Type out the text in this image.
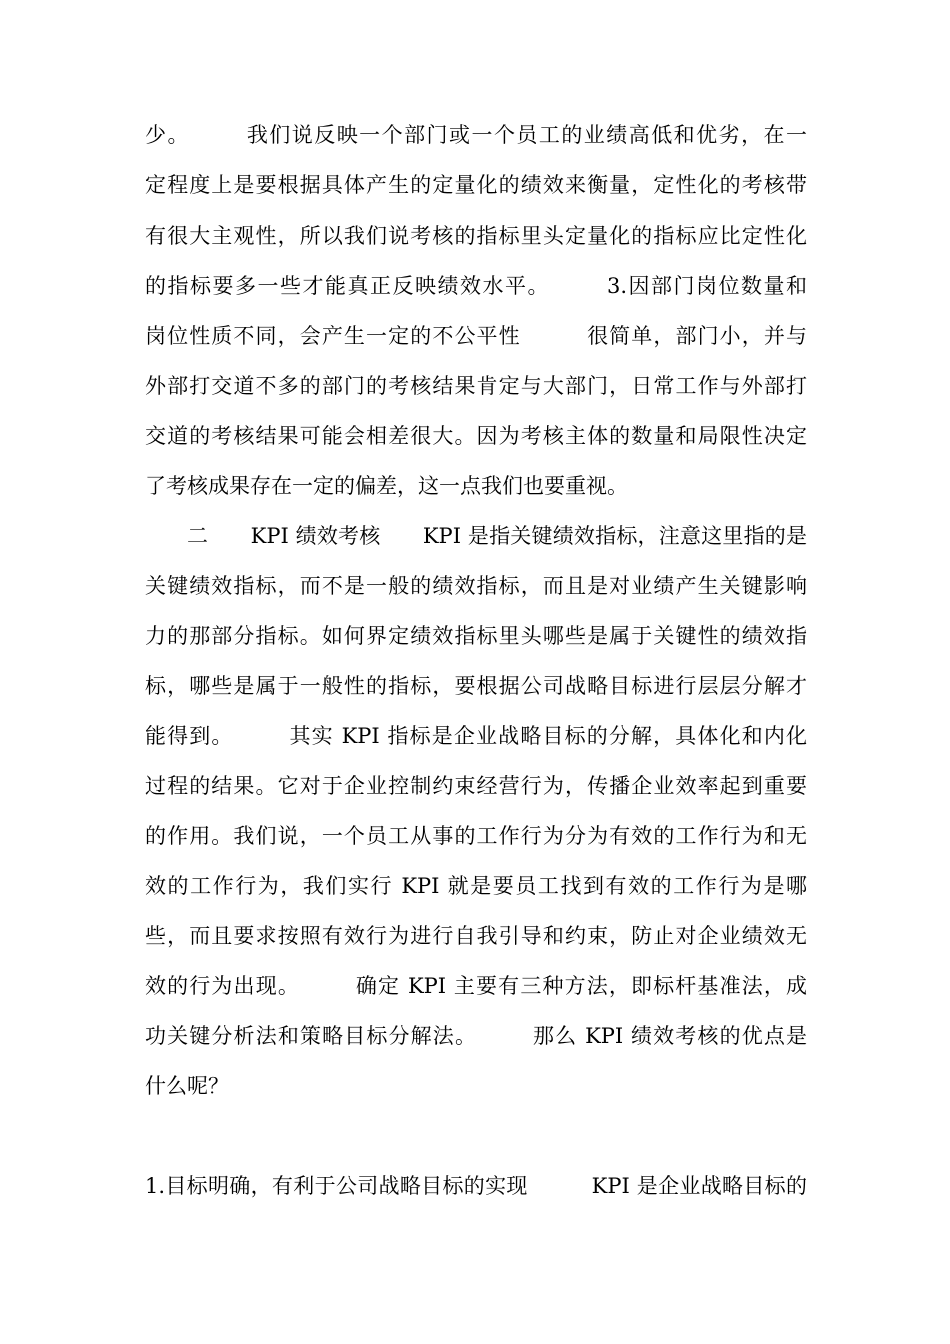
少。　　　我们说反映一个部门或一个员工的业绩高低和优劣，在一
定程度上是要根据具体产生的定量化的绩效来衡量，定性化的考核带
有很大主观性，所以我们说考核的指标里头定量化的指标应比定性化
的指标要多一些才能真正反映绩效水平。　　　3.因部门岗位数量和
岗位性质不同，会产生一定的不公平性　　　很简单，部门小，并与
外部打交道不多的部门的考核结果肯定与大部门，日常工作与外部打
交道的考核结果可能会相差很大。因为考核主体的数量和局限性决定
了考核成果存在一定的偏差，这一点我们也要重视。
二　　KPI 绩效考核　　KPI 是指关键绩效指标，注意这里指的是
关键绩效指标，而不是一般的绩效指标，而且是对业绩产生关键影响
力的那部分指标。如何界定绩效指标里头哪些是属于关键性的绩效指
标，哪些是属于一般性的指标，要根据公司战略目标进行层层分解才
能得到。　　　其实 KPI 指标是企业战略目标的分解，具体化和内化
过程的结果。它对于企业控制约束经营行为，传播企业效率起到重要
的作用。我们说，一个员工从事的工作行为分为有效的工作行为和无
效的工作行为，我们实行 KPI 就是要员工找到有效的工作行为是哪
些，而且要求按照有效行为进行自我引导和约束，防止对企业绩效无
效的行为出现。　　　确定 KPI 主要有三种方法，即标杆基准法，成
功关键分析法和策略目标分解法。　　　那么 KPI 绩效考核的优点是
什么呢？
1.目标明确，有利于公司战略目标的实现　　　KPI 是企业战略目标的
